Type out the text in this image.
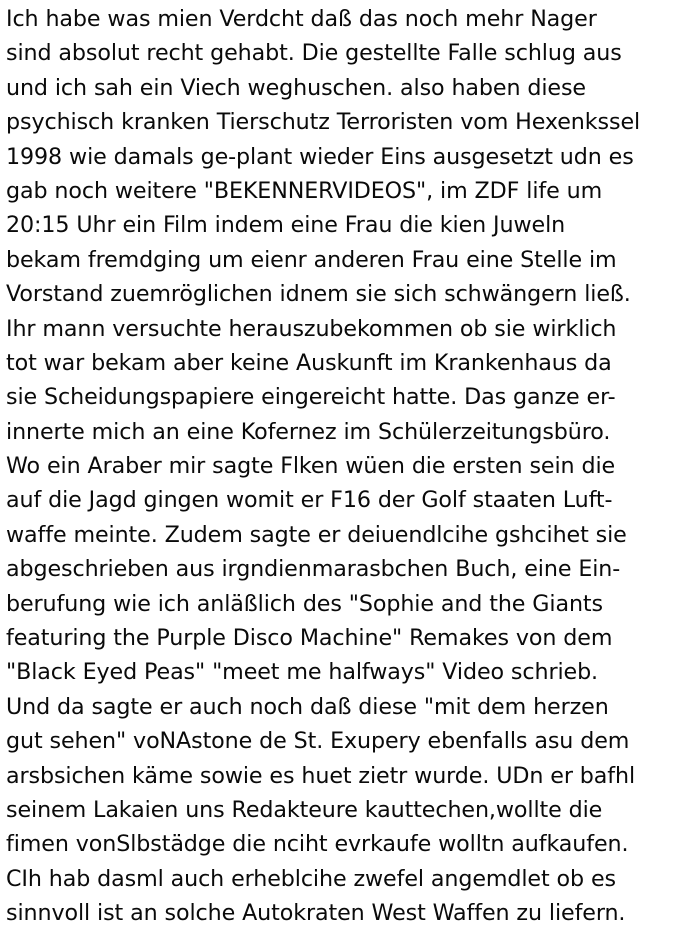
Ich habe was mien Verdcht daß das noch mehr Nager
sind absolut recht gehabt. Die gestellte Falle schlug aus
und ich sah ein Viech weghuschen. also haben diese
psychisch kranken Tierschutz Terroristen vom Hexenkssel
1998 wie damals ge-plant wieder Eins ausgesetzt udn es
gab noch weitere "BEKENNERVIDEOS", im ZDF life um
20:15 Uhr ein Film indem eine Frau die kien Juweln
bekam fremdging um eienr anderen Frau eine Stelle im
Vorstand zuemröglichen idnem sie sich schwängern ließ.
Ihr mann versuchte herauszubekommen ob sie wirklich
tot war bekam aber keine Auskunft im Krankenhaus da
sie Scheidungspapiere eingereicht hatte. Das ganze er-
innerte mich an eine Kofernez im Schülerzeitungsbüro.
Wo ein Araber mir sagte Flken wüen die ersten sein die
auf die Jagd gingen womit er F16 der Golf staaten Luft-
waffe meinte. Zudem sagte er deiuendlcihe gshcihet sie
abgeschrieben aus irgndienmarasbchen Buch, eine Ein-
berufung wie ich anläßlich des "Sophie and the Giants
featuring the Purple Disco Machine" Remakes von dem
"Black Eyed Peas" "meet me halfways" Video schrieb.
Und da sagte er auch noch daß diese "mit dem herzen
gut sehen" voNAstone de St. Exupery ebenfalls asu dem
arsbsichen käme sowie es huet zietr wurde. UDn er bafhl
seinem Lakaien uns Redakteure kauttechen,wollte die
fimen vonSlbstädge die nciht evrkaufe wolltn aufkaufen.
CIh hab dasml auch erheblcihe zwefel angemdlet ob es
sinnvoll ist an solche Autokraten West Waffen zu liefern.
